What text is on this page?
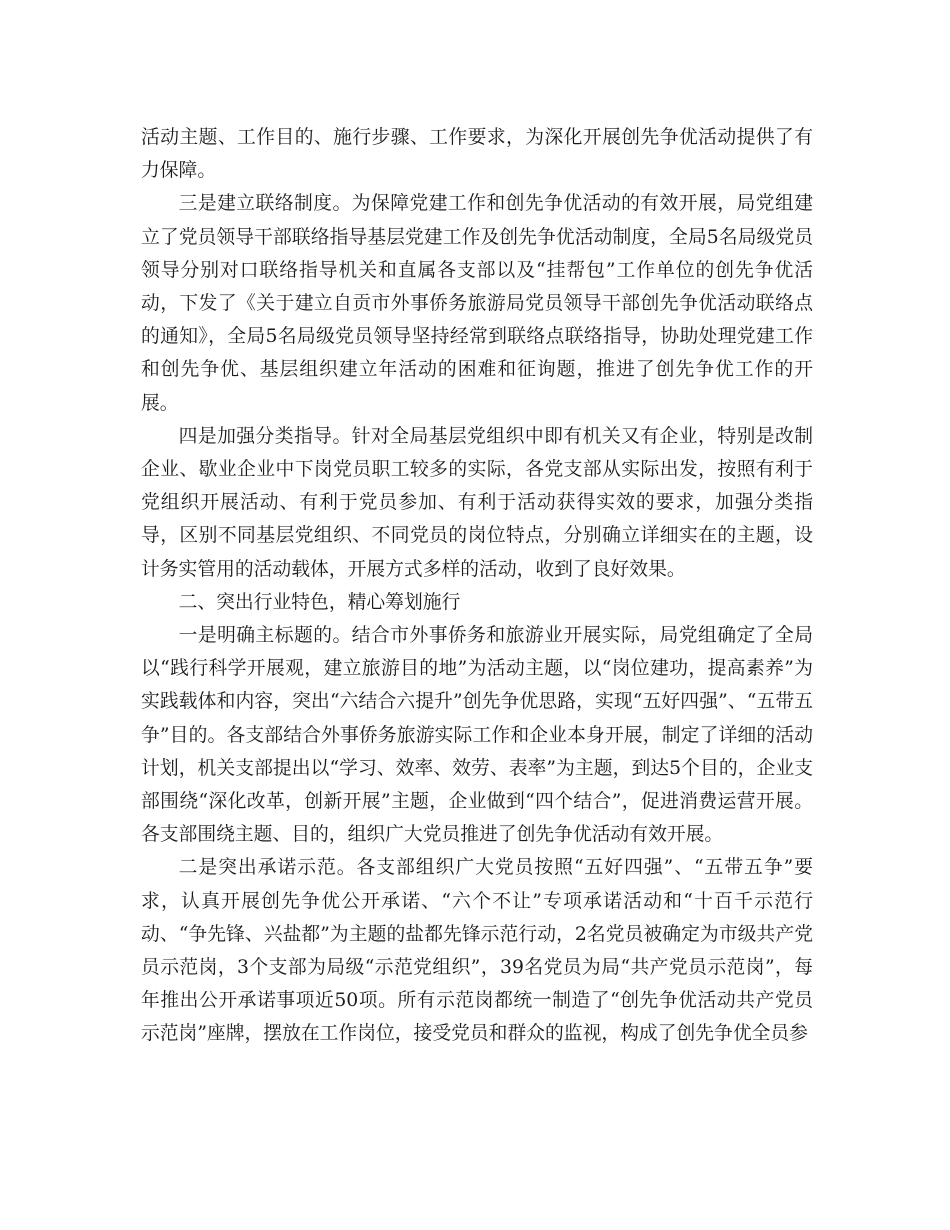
活动主题、工作目的、施行步骤、工作要求，为深化开展创先争优活动提供了有力保障。

三是建立联络制度。为保障党建工作和创先争优活动的有效开展，局党组建立了党员领导干部联络指导基层党建工作及创先争优活动制度，全局5名局级党员领导分别对口联络指导机关和直属各支部以及“挂帮包”工作单位的创先争优活动，下发了《关于建立自贡市外事侨务旅游局党员领导干部创先争优活动联络点的通知》，全局5名局级党员领导坚持经常到联络点联络指导，协助处理党建工作和创先争优、基层组织建立年活动的困难和征询题，推进了创先争优工作的开展。

四是加强分类指导。针对全局基层党组织中即有机关又有企业，特别是改制企业、歇业企业中下岗党员职工较多的实际，各党支部从实际出发，按照有利于党组织开展活动、有利于党员参加、有利于活动获得实效的要求，加强分类指导，区别不同基层党组织、不同党员的岗位特点，分别确立详细实在的主题，设计务实管用的活动载体，开展方式多样的活动，收到了良好效果。

二、突出行业特色，精心筹划施行

一是明确主标题的。结合市外事侨务和旅游业开展实际，局党组确定了全局以“践行科学开展观，建立旅游目的地”为活动主题，以“岗位建功，提高素养”为实践载体和内容，突出“六结合六提升”创先争优思路，实现“五好四强”、“五带五争”目的。各支部结合外事侨务旅游实际工作和企业本身开展，制定了详细的活动计划，机关支部提出以“学习、效率、效劳、表率”为主题，到达5个目的，企业支部围绕“深化改革，创新开展”主题，企业做到“四个结合”，促进消费运营开展。各支部围绕主题、目的，组织广大党员推进了创先争优活动有效开展。

二是突出承诺示范。各支部组织广大党员按照“五好四强”、“五带五争”要求，认真开展创先争优公开承诺、“六个不让”专项承诺活动和“十百千示范行动、“争先锋、兴盐都”为主题的盐都先锋示范行动，2名党员被确定为市级共产党员示范岗，3个支部为局级“示范党组织”，39名党员为局“共产党员示范岗”，每年推出公开承诺事项近50项。所有示范岗都统一制造了“创先争优活动共产党员示范岗”座牌，摆放在工作岗位，接受党员和群众的监视，构成了创先争优全员参
